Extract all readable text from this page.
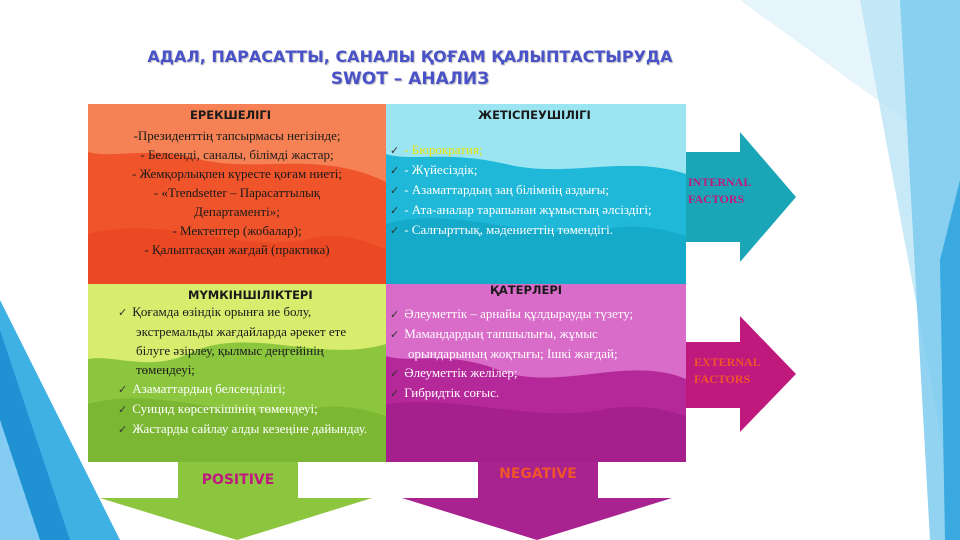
АДАЛ, ПАРАСАТТЫ, САНАЛЫ ҚОҒАМ ҚАЛЫПТАСТЫРУДА
SWOT – АНАЛИЗ
ЕРЕКШЕЛІГІ

-Президенттің тапсырмасы негізінде;

- Белсенді, саналы, білімді жастар;

- Жемқорлықпен күресте қоғам ниеті;

- «Trendsetter – Парасаттылық

Департаменті»;

- Мектептер (жобалар);

- Қалыптасқан жағдай (практика)

ЖЕТІСПЕУШІЛІГІ

✓ - Бюрократия;

✓ - Жүйесіздік;

✓ - Азаматтардың заң білімнің аздығы;

✓ - Ата-аналар тарапынан жұмыстың әлсіздігі;

✓ - Салғырттық, мәдениеттің төмендігі.

МҮМКІНШІЛІКТЕРІ

✓ Қоғамда өзіндік орынға ие болу, экстремальды жағдайларда әрекет ете білуге әзірлеу, қылмыс деңгейінің төмендеуі;

✓ Азаматтардың белсенділігі;

✓ Суицид көрсеткішінің төмендеуі;

✓ Жастарды сайлау алды кезеңіне дайындау.

ҚАТЕРЛЕРІ

✓ Әлеуметтік – арнайы құлдырауды түзету;

✓ Мамандардың тапшылығы, жұмыс орындарының жоқтығы; Ішкі жағдай;

✓ Әлеуметтік желілер;

✓ Гибридтік соғыс.

INTERNAL
FACTORS
EXTERNAL
FACTORS
POSITIVE	NEGATIVE
